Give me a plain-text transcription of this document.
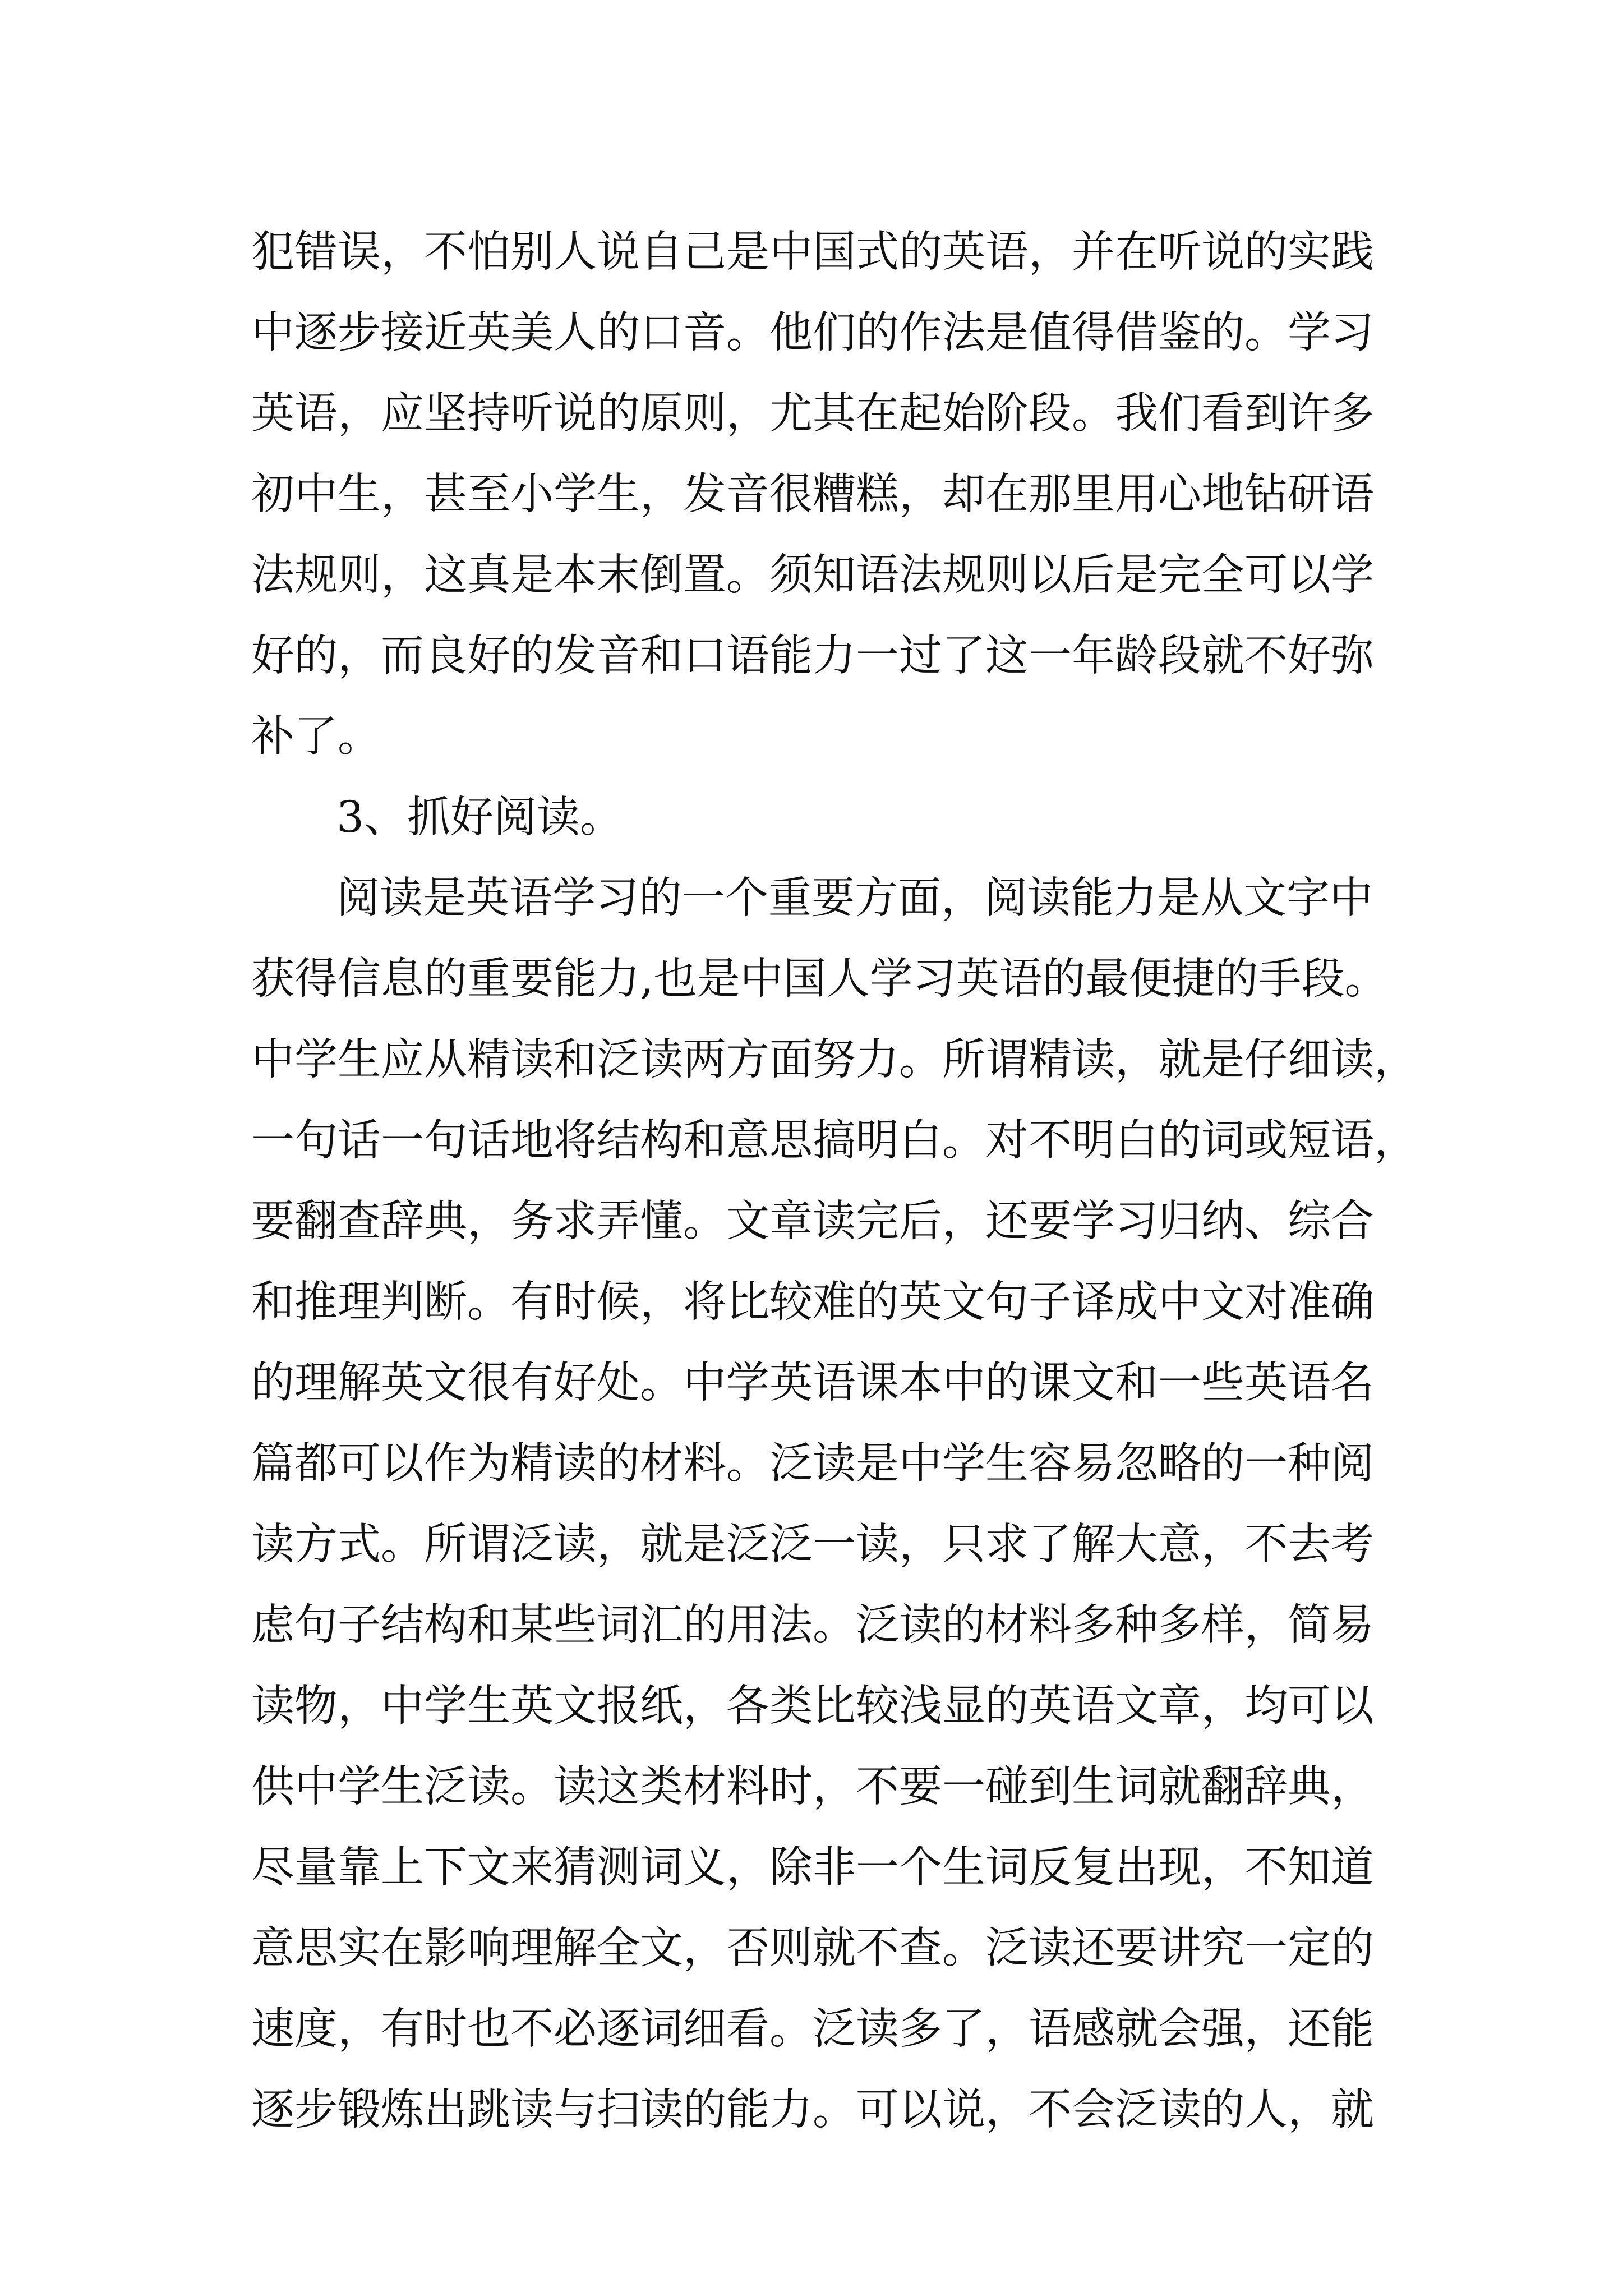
犯错误，不怕别人说自己是中国式的英语，并在听说的实践
中逐步接近英美人的口音。他们的作法是值得借鉴的。学习
英语，应坚持听说的原则，尤其在起始阶段。我们看到许多
初中生，甚至小学生，发音很糟糕，却在那里用心地钻研语
法规则，这真是本末倒置。须知语法规则以后是完全可以学
好的，而良好的发音和口语能力一过了这一年龄段就不好弥
补了。
3、抓好阅读。
阅读是英语学习的一个重要方面，阅读能力是从文字中
获得信息的重要能力,也是中国人学习英语的最便捷的手段。
中学生应从精读和泛读两方面努力。所谓精读，就是仔细读，
一句话一句话地将结构和意思搞明白。对不明白的词或短语，
要翻查辞典，务求弄懂。文章读完后，还要学习归纳、综合
和推理判断。有时候，将比较难的英文句子译成中文对准确
的理解英文很有好处。中学英语课本中的课文和一些英语名
篇都可以作为精读的材料。泛读是中学生容易忽略的一种阅
读方式。所谓泛读，就是泛泛一读，只求了解大意，不去考
虑句子结构和某些词汇的用法。泛读的材料多种多样，简易
读物，中学生英文报纸，各类比较浅显的英语文章，均可以
供中学生泛读。读这类材料时，不要一碰到生词就翻辞典，
尽量靠上下文来猜测词义，除非一个生词反复出现，不知道
意思实在影响理解全文，否则就不查。泛读还要讲究一定的
速度，有时也不必逐词细看。泛读多了，语感就会强，还能
逐步锻炼出跳读与扫读的能力。可以说，不会泛读的人，就
